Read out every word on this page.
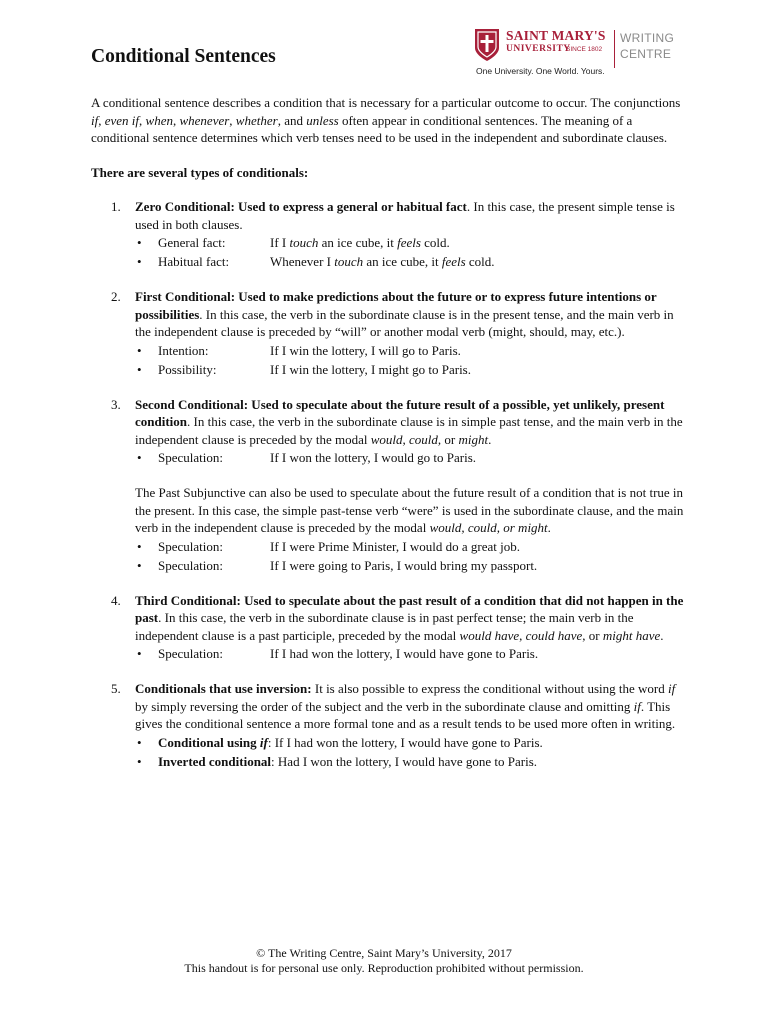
Conditional Sentences
SAINT MARY'S
UNIVERSITY
SINCE 1802
WRITING
CENTRE
One University. One World. Yours.

A conditional sentence describes a condition that is necessary for a particular outcome to occur. The conjunctions if, even if, when, whenever, whether, and unless often appear in conditional sentences. The meaning of a conditional sentence determines which verb tenses need to be used in the independent and subordinate clauses.

There are several types of conditionals:

1. Zero Conditional: Used to express a general or habitual fact. In this case, the present simple tense is used in both clauses.

• General fact:	If I touch an ice cube, it feels cold.
• Habitual fact:	Whenever I touch an ice cube, it feels cold.
2. First Conditional: Used to make predictions about the future or to express future intentions or possibilities. In this case, the verb in the subordinate clause is in the present tense, and the main verb in the independent clause is preceded by “will” or another modal verb (might, should, may, etc.).

• Intention:	If I win the lottery, I will go to Paris.
• Possibility:	If I win the lottery, I might go to Paris.
3. Second Conditional: Used to speculate about the future result of a possible, yet unlikely, present condition. In this case, the verb in the subordinate clause is in simple past tense, and the main verb in the independent clause is preceded by the modal would, could, or might.

• Speculation:	If I won the lottery, I would go to Paris.

The Past Subjunctive can also be used to speculate about the future result of a condition that is not true in the present. In this case, the simple past-tense verb “were” is used in the subordinate clause, and the main verb in the independent clause is preceded by the modal would, could, or might.

• Speculation:	If I were Prime Minister, I would do a great job.
• Speculation:	If I were going to Paris, I would bring my passport.
4. Third Conditional: Used to speculate about the past result of a condition that did not happen in the past. In this case, the verb in the subordinate clause is in past perfect tense; the main verb in the independent clause is a past participle, preceded by the modal would have, could have, or might have.

• Speculation:	If I had won the lottery, I would have gone to Paris.
5. Conditionals that use inversion: It is also possible to express the conditional without using the word if by simply reversing the order of the subject and the verb in the subordinate clause and omitting if. This gives the conditional sentence a more formal tone and as a result tends to be used more often in writing.

• Conditional using if: If I had won the lottery, I would have gone to Paris.
• Inverted conditional: Had I won the lottery, I would have gone to Paris.
© The Writing Centre, Saint Mary’s University, 2017
This handout is for personal use only. Reproduction prohibited without permission.
